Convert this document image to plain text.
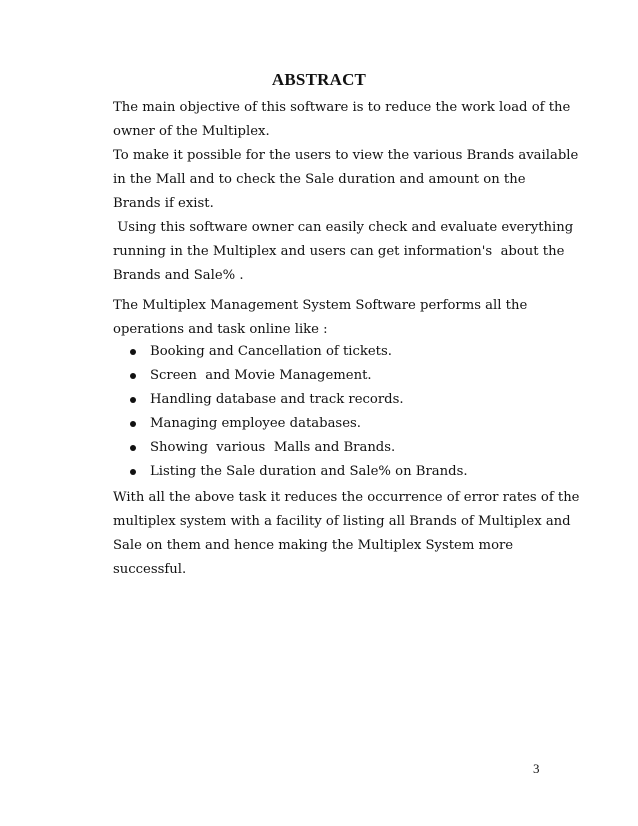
ABSTRACT
The main objective of this software is to reduce the work load of the
owner of the Multiplex.
To make it possible for the users to view the various Brands available
in the Mall and to check the Sale duration and amount on the
Brands if exist.
Using this software owner can easily check and evaluate everything
running in the Multiplex and users can get information's  about the
Brands and Sale% .
The Multiplex Management System Software performs all the
operations and task online like :
Booking and Cancellation of tickets.
Screen  and Movie Management.
Handling database and track records.
Managing employee databases.
Showing  various  Malls and Brands.
Listing the Sale duration and Sale% on Brands.
With all the above task it reduces the occurrence of error rates of the
multiplex system with a facility of listing all Brands of Multiplex and
Sale on them and hence making the Multiplex System more
successful.
3
